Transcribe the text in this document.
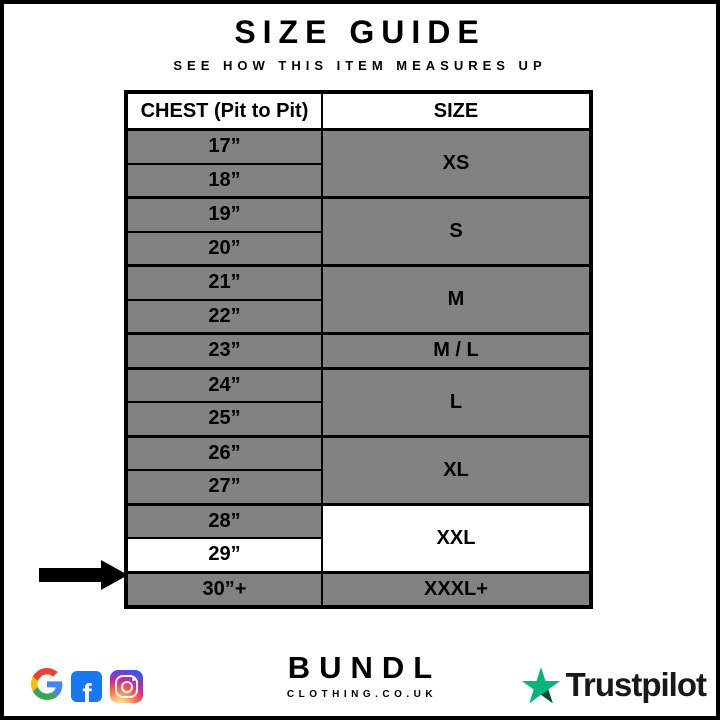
SIZE GUIDE
SEE HOW THIS ITEM MEASURES UP
CHEST (Pit to Pit)	SIZE
17”	XS
18”	
19”	S
20”	
21”	M
22”	
23”	M / L
24”	L
25”	
26”	XL
27”	
28”	XXL
29”	
30”+	XXXL+
f
BUNDL
CLOTHING.CO.UK	Trustpilot
